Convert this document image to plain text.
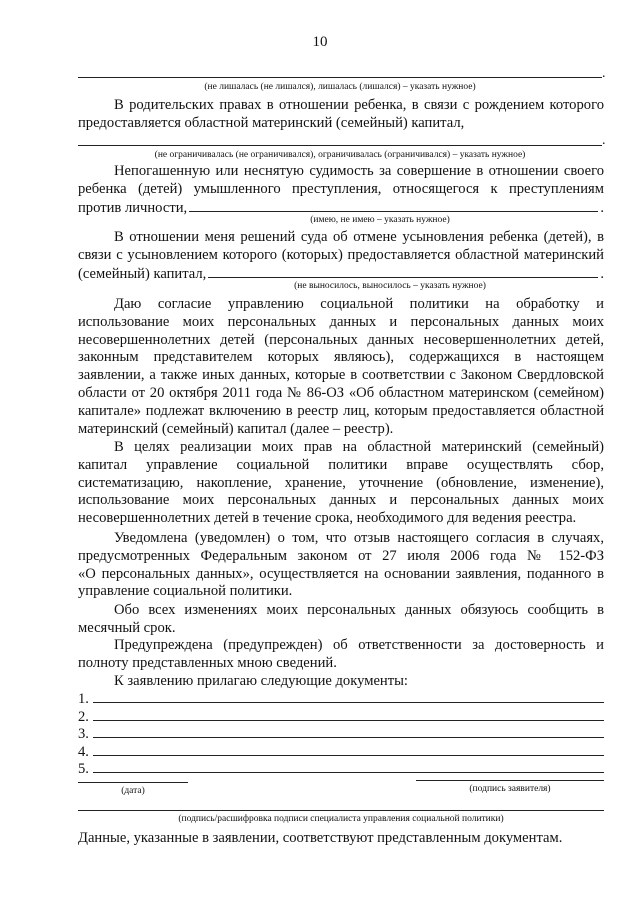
10
.
(не лишалась (не лишался), лишалась (лишался) – указать нужное)
В родительских правах в отношении ребенка, в связи с рождением которого
предоставляется областной материнский (семейный) капитал,
.
(не ограничивалась (не ограничивался), ограничивалась (ограничивался) – указать нужное)
Непогашенную или неснятую судимость за совершение в отношении своего
ребенка (детей) умышленного преступления, относящегося к преступлениям
против личности,	.
(имею, не имею – указать нужное)
В отношении меня решений суда об отмене усыновления ребенка (детей), в
связи с усыновлением которого (которых) предоставляется областной материнский
(семейный) капитал,	.
(не выносилось, выносилось – указать нужное)
Даю согласие управлению социальной политики на обработку и
использование моих персональных данных и персональных данных моих
несовершеннолетних детей (персональных данных несовершеннолетних детей,
законным представителем которых являюсь), содержащихся в настоящем
заявлении, а также иных данных, которые в соответствии с Законом Свердловской
области от 20 октября 2011 года № 86-ОЗ «Об областном материнском (семейном)
капитале» подлежат включению в реестр лиц, которым предоставляется областной
материнский (семейный) капитал (далее – реестр).
В целях реализации моих прав на областной материнский (семейный)
капитал управление социальной политики вправе осуществлять сбор,
систематизацию, накопление, хранение, уточнение (обновление, изменение),
использование моих персональных данных и персональных данных моих
несовершеннолетних детей в течение срока, необходимого для ведения реестра.
Уведомлена (уведомлен) о том, что отзыв настоящего согласия в случаях,
предусмотренных Федеральным законом от 27 июля 2006 года № 152-ФЗ
«О персональных данных», осуществляется на основании заявления, поданного в
управление социальной политики.
Обо всех изменениях моих персональных данных обязуюсь сообщить в
месячный срок.
Предупреждена (предупрежден) об ответственности за достоверность и
полноту представленных мною сведений.
К заявлению прилагаю следующие документы:
1.
2.
3.
4.
5.
(дата)	(подпись заявителя)
(подпись/расшифровка подписи специалиста управления социальной политики)
Данные, указанные в заявлении, соответствуют представленным документам.
